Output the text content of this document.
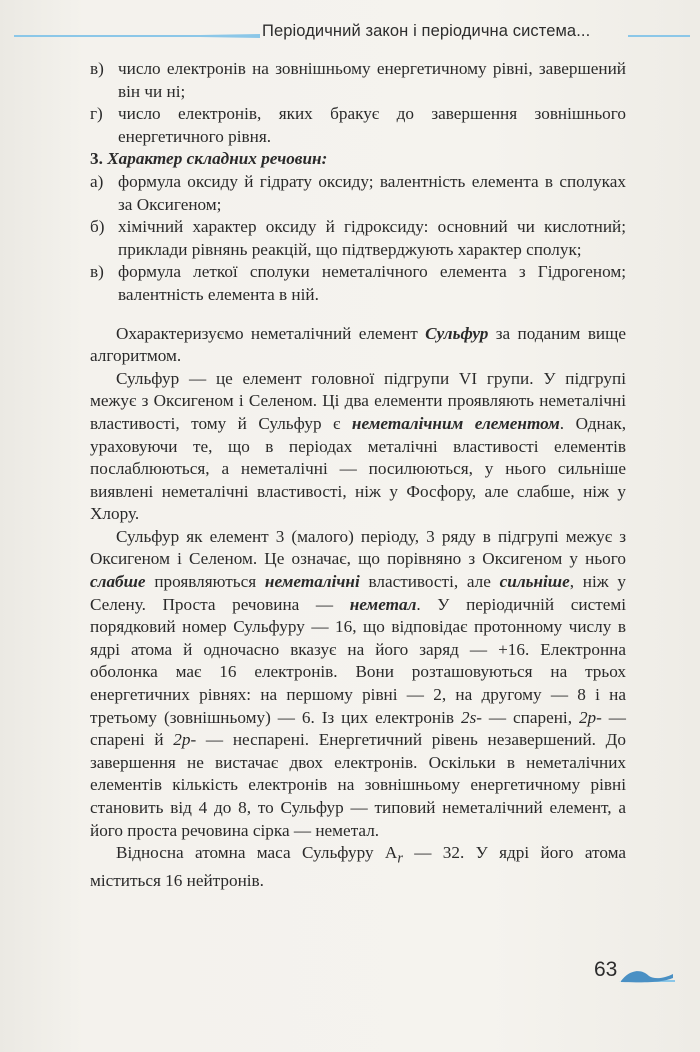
Періодичний закон і періодична система...
в) число електронів на зовнішньому енергетичному рівні, завершений він чи ні;
г) число електронів, яких бракує до завершення зовнішнього енергетичного рівня.
3. Характер складних речовин:
а) формула оксиду й гідрату оксиду; валентність елемента в сполуках за Оксигеном;
б) хімічний характер оксиду й гідроксиду: основний чи кислотний; приклади рівнянь реакцій, що підтверджують характер сполук;
в) формула леткої сполуки неметалічного елемента з Гідрогеном; валентність елемента в ній.

Охарактеризуємо неметалічний елемент Сульфур за поданим вище алгоритмом.

Сульфур — це елемент головної підгрупи VI групи. У підгрупі межує з Оксигеном і Селеном. Ці два елементи проявляють неметалічні властивості, тому й Сульфур є неметалічним елементом. Однак, ураховуючи те, що в періодах металічні властивості елементів послаблюються, а неметалічні — посилюються, у нього сильніше виявлені неметалічні властивості, ніж у Фосфору, але слабше, ніж у Хлору.

Сульфур як елемент 3 (малого) періоду, 3 ряду в підгрупі межує з Оксигеном і Селеном. Це означає, що порівняно з Оксигеном у нього слабше проявляються неметалічні властивості, але сильніше, ніж у Селену. Проста речовина — неметал. У періодичній системі порядковий номер Сульфуру — 16, що відповідає протонному числу в ядрі атома й одночасно вказує на його заряд — +16. Електронна оболонка має 16 електронів. Вони розташовуються на трьох енергетичних рівнях: на першому рівні — 2, на другому — 8 і на третьому (зовнішньому) — 6. Із цих електронів 2s- — спарені, 2p- — спарені й 2p- — неспарені. Енергетичний рівень незавершений. До завершення не вистачає двох електронів. Оскільки в неметалічних елементів кількість електронів на зовнішньому енергетичному рівні становить від 4 до 8, то Сульфур — типовий неметалічний елемент, а його проста речовина сірка — неметал.

Відносна атомна маса Сульфуру $A_r$ — 32. У ядрі його атома міститься 16 нейтронів.

63
